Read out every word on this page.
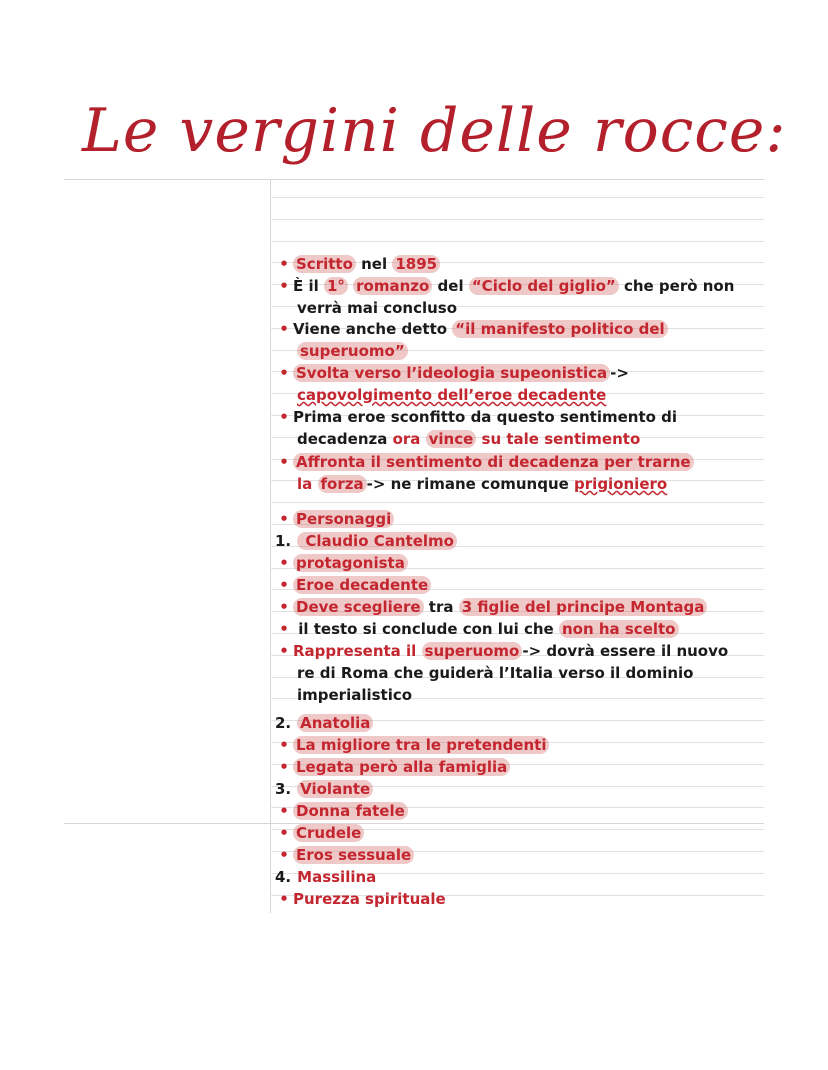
Le vergini delle rocce:
• Scritto nel 1895
• È il 1° romanzo del “Ciclo del giglio” che però non
verrà mai concluso
• Viene anche detto “il manifesto politico del
superuomo”
• Svolta verso l’ideologia supeonistica ->
capovolgimento dell’eroe decadente
• Prima eroe sconfitto da questo sentimento di
decadenza ora vince su tale sentimento
• Affronta il sentimento di decadenza per trarne
la forza -> ne rimane comunque prigioniero
• Personaggi
1. Claudio Cantelmo
• protagonista
• Eroe decadente
• Deve scegliere tra 3 figlie del principe Montaga
• il testo si conclude con lui che non ha scelto
• Rappresenta il superuomo -> dovrà essere il nuovo
re di Roma che guiderà l’Italia verso il dominio
imperialistico
2. Anatolia
• La migliore tra le pretendenti
• Legata però alla famiglia
3. Violante
• Donna fatele
• Crudele
• Eros sessuale
4. Massilina
• Purezza spirituale
